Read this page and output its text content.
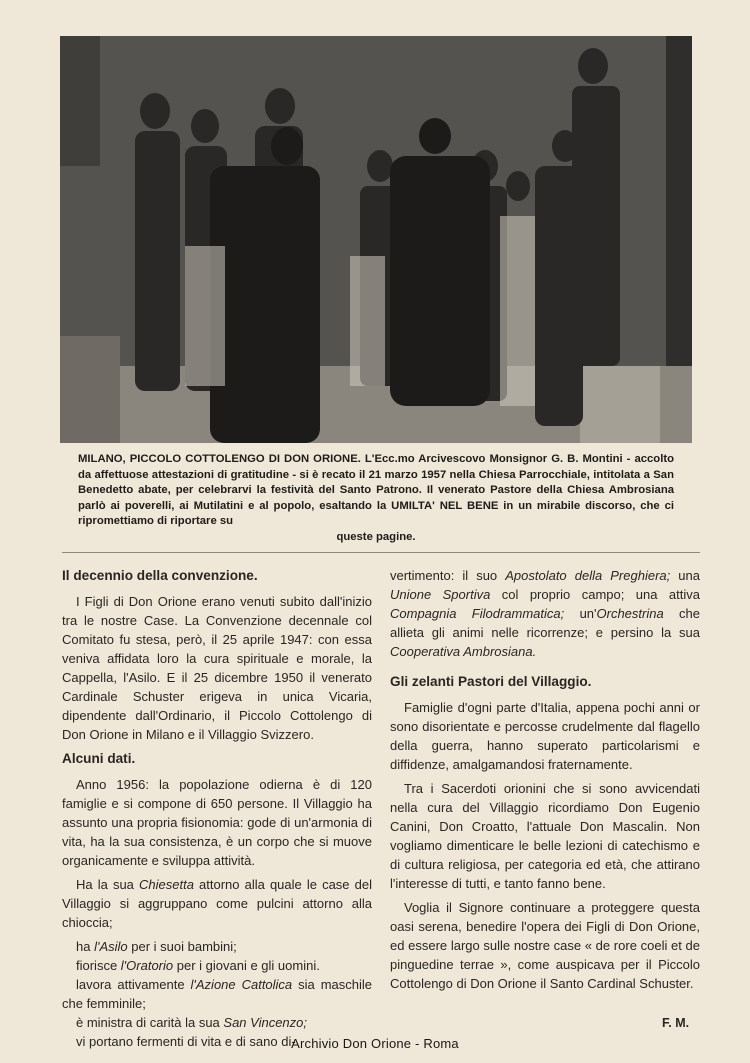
MILANO, PICCOLO COTTOLENGO DI DON ORIONE. L'Ecc.mo Arcivescovo Monsignor G. B. Montini - accolto da affettuose attestazioni di gratitudine - si è recato il 21 marzo 1957 nella Chiesa Parrocchiale, intitolata a San Benedetto abate, per celebrarvi la festività del Santo Patrono. Il venerato Pastore della Chiesa Ambrosiana parlò ai poverelli, ai Mutilatini e al popolo, esaltando la UMILTA' NEL BENE in un mirabile discorso, che ci ripromettiamo di riportare su
queste pagine.
Il decennio della convenzione.

I Figli di Don Orione erano venuti subito dall'inizio tra le nostre Case. La Convenzione decennale col Comitato fu stesa, però, il 25 aprile 1947: con essa veniva affidata loro la cura spirituale e morale, la Cappella, l'Asilo. E il 25 dicembre 1950 il venerato Cardinale Schuster erigeva in unica Vicaria, dipendente dall'Ordinario, il Piccolo Cottolengo di Don Orione in Milano e il Villaggio Svizzero.

Alcuni dati.

Anno 1956: la popolazione odierna è di 120 famiglie e si compone di 650 persone. Il Villaggio ha assunto una propria fisionomia: gode di un'armonia di vita, ha la sua consistenza, è un corpo che si muove organicamente e sviluppa attività.

Ha la sua Chiesetta attorno alla quale le case del Villaggio si aggruppano come pulcini attorno alla chioccia;

ha l'Asilo per i suoi bambini;

fiorisce l'Oratorio per i giovani e gli uomini.

lavora attivamente l'Azione Cattolica sia maschile che femminile;

è ministra di carità la sua San Vincenzo;

vi portano fermenti di vita e di sano di-

vertimento: il suo Apostolato della Preghiera; una Unione Sportiva col proprio campo; una attiva Compagnia Filodrammatica; un'Orchestrina che allieta gli animi nelle ricorrenze; e persino la sua Cooperativa Ambrosiana.

Gli zelanti Pastori del Villaggio.

Famiglie d'ogni parte d'Italia, appena pochi anni or sono disorientate e percosse crudelmente dal flagello della guerra, hanno superato particolarismi e diffidenze, amalgamandosi fraternamente.

Tra i Sacerdoti orionini che si sono avvicendati nella cura del Villaggio ricordiamo Don Eugenio Canini, Don Croatto, l'attuale Don Mascalin. Non vogliamo dimenticare le belle lezioni di catechismo e di cultura religiosa, per categoria ed età, che attirano l'interesse di tutti, e tanto fanno bene.

Voglia il Signore continuare a proteggere questa oasi serena, benedire l'opera dei Figli di Don Orione, ed essere largo sulle nostre case « de rore coeli et de pinguedine terrae », come auspicava per il Piccolo Cottolengo di Don Orione il Santo Cardinal Schuster.

F. M.
Archivio Don Orione - Roma
